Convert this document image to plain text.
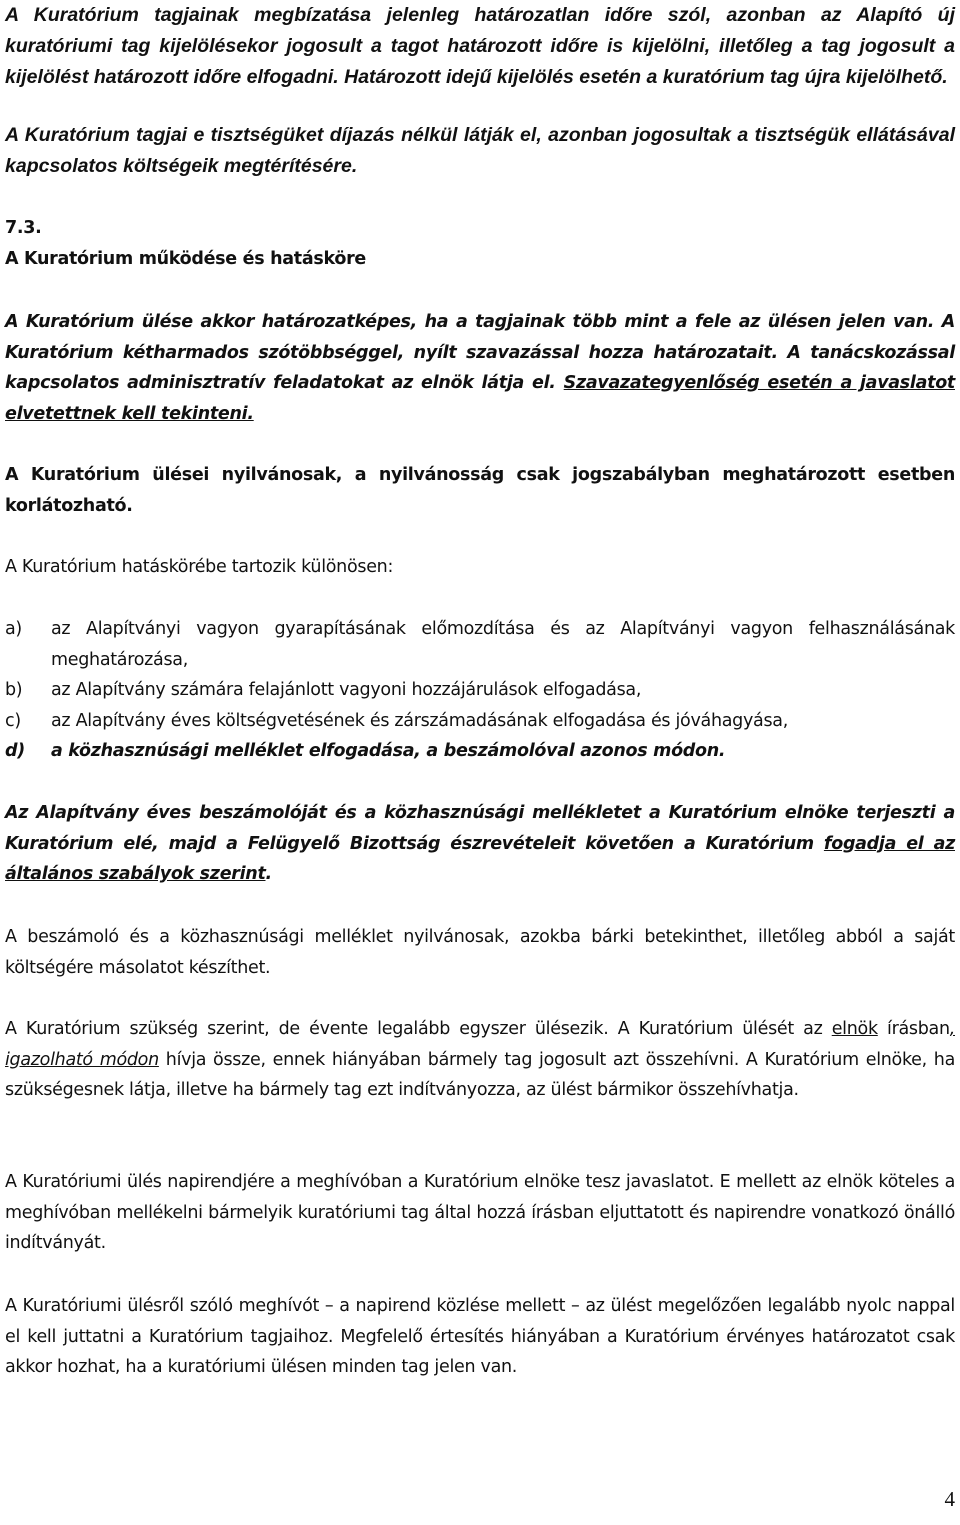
A Kuratórium tagjainak megbízatása jelenleg határozatlan időre szól, azonban az Alapító új kuratóriumi tag kijelölésekor jogosult a tagot határozott időre is kijelölni, illetőleg a tag jogosult a kijelölést határozott időre elfogadni. Határozott idejű kijelölés esetén a kuratórium tag újra kijelölhető.

A Kuratórium tagjai e tisztségüket díjazás nélkül látják el, azonban jogosultak a tisztségük ellátásával kapcsolatos költségeik megtérítésére.

7.3.
A Kuratórium működése és hatásköre

A Kuratórium ülése akkor határozatképes, ha a tagjainak több mint a fele az ülésen jelen van. A Kuratórium kétharmados szótöbbséggel, nyílt szavazással hozza határozatait. A tanácskozással kapcsolatos adminisztratív feladatokat az elnök látja el. Szavazategyenlőség esetén a javaslatot elvetettnek kell tekinteni.

A Kuratórium ülései nyilvánosak, a nyilvánosság csak jogszabályban meghatározott esetben korlátozható.

A Kuratórium hatáskörébe tartozik különösen:

a) az Alapítványi vagyon gyarapításának előmozdítása és az Alapítványi vagyon felhasználásának meghatározása,

b) az Alapítvány számára felajánlott vagyoni hozzájárulások elfogadása,

c) az Alapítvány éves költségvetésének és zárszámadásának elfogadása és jóváhagyása,

d) a közhasznúsági melléklet elfogadása, a beszámolóval azonos módon.

Az Alapítvány éves beszámolóját és a közhasznúsági mellékletet a Kuratórium elnöke terjeszti a Kuratórium elé, majd a Felügyelő Bizottság észrevételeit követően a Kuratórium fogadja el az általános szabályok szerint.

A beszámoló és a közhasznúsági melléklet nyilvánosak, azokba bárki betekinthet, illetőleg abból a saját költségére másolatot készíthet.

A Kuratórium szükség szerint, de évente legalább egyszer ülésezik. A Kuratórium ülését az elnök írásban, igazolható módon hívja össze, ennek hiányában bármely tag jogosult azt összehívni. A Kuratórium elnöke, ha szükségesnek látja, illetve ha bármely tag ezt indítványozza, az ülést bármikor összehívhatja.

A Kuratóriumi ülés napirendjére a meghívóban a Kuratórium elnöke tesz javaslatot. E mellett az elnök köteles a meghívóban mellékelni bármelyik kuratóriumi tag által hozzá írásban eljuttatott és napirendre vonatkozó önálló indítványát.

A Kuratóriumi ülésről szóló meghívót – a napirend közlése mellett – az ülést megelőzően legalább nyolc nappal el kell juttatni a Kuratórium tagjaihoz. Megfelelő értesítés hiányában a Kuratórium érvényes határozatot csak akkor hozhat, ha a kuratóriumi ülésen minden tag jelen van.

4
